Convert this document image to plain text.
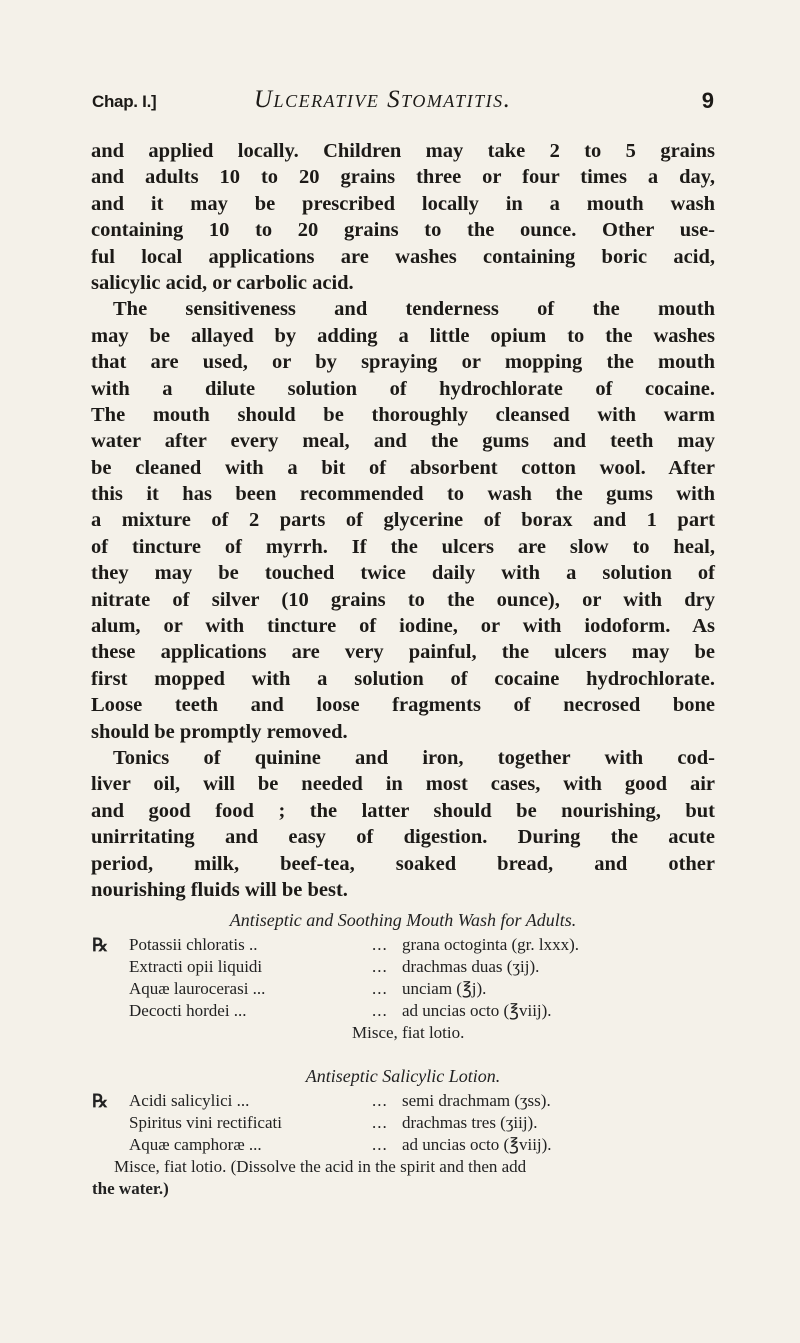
Chap. I.]	Ulcerative Stomatitis.	9
and applied locally. Children may take 2 to 5 grains
and adults 10 to 20 grains three or four times a day,
and it may be prescribed locally in a mouth wash
containing 10 to 20 grains to the ounce. Other use-
ful local applications are washes containing boric acid,
salicylic acid, or carbolic acid.
The sensitiveness and tenderness of the mouth
may be allayed by adding a little opium to the washes
that are used, or by spraying or mopping the mouth
with a dilute solution of hydrochlorate of cocaine.
The mouth should be thoroughly cleansed with warm
water after every meal, and the gums and teeth may
be cleaned with a bit of absorbent cotton wool. After
this it has been recommended to wash the gums with
a mixture of 2 parts of glycerine of borax and 1 part
of tincture of myrrh. If the ulcers are slow to heal,
they may be touched twice daily with a solution of
nitrate of silver (10 grains to the ounce), or with dry
alum, or with tincture of iodine, or with iodoform. As
these applications are very painful, the ulcers may be
first mopped with a solution of cocaine hydrochlorate.
Loose teeth and loose fragments of necrosed bone
should be promptly removed.
Tonics of quinine and iron, together with cod-
liver oil, will be needed in most cases, with good air
and good food ; the latter should be nourishing, but
unirritating and easy of digestion. During the acute
period, milk, beef-tea, soaked bread, and other
nourishing fluids will be best.
Antiseptic and Soothing Mouth Wash for Adults.
℞ Potassii chloratis ..	... grana octoginta (gr. lxxx).
Extracti opii liquidi	... drachmas duas (ʒij).
Aquæ laurocerasi ...	... unciam (℥j).
Decocti hordei ...	... ad uncias octo (℥viij).
Misce, fiat lotio.
Antiseptic Salicylic Lotion.
℞ Acidi salicylici ...	... semi drachmam (ʒss).
Spiritus vini rectificati	... drachmas tres (ʒiij).
Aquæ camphoræ ...	... ad uncias octo (℥viij).
Misce, fiat lotio. (Dissolve the acid in the spirit and then add
the water.)
